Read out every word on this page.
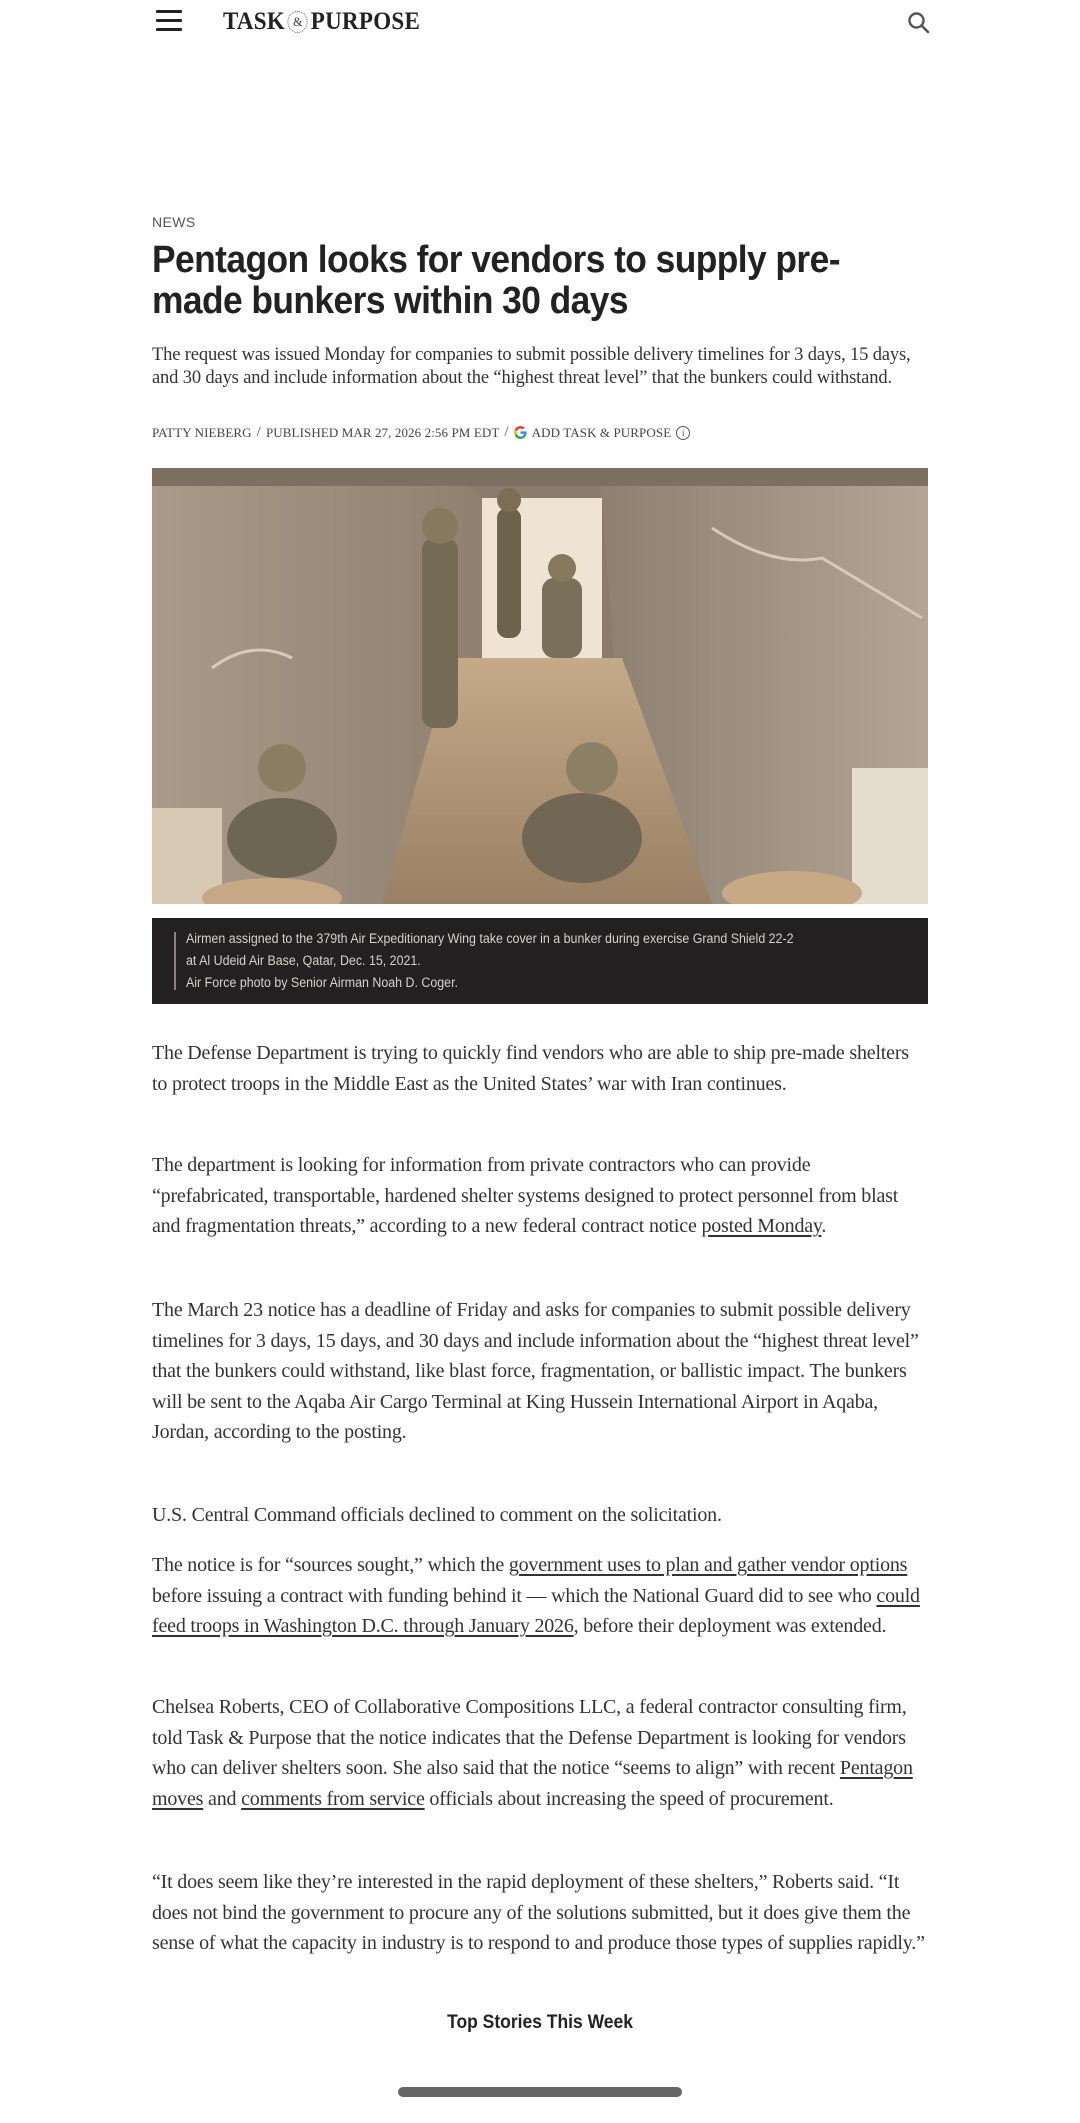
TASK & PURPOSE
NEWS
Pentagon looks for vendors to supply pre-made bunkers within 30 days

The request was issued Monday for companies to submit possible delivery timelines for 3 days, 15 days, and 30 days and include information about the “highest threat level” that the bunkers could withstand.

PATTY NIEBERG / PUBLISHED MAR 27, 2026 2:56 PM EDT / ADD TASK & PURPOSE	i
Airmen assigned to the 379th Air Expeditionary Wing take cover in a bunker during exercise Grand Shield 22-2
at Al Udeid Air Base, Qatar, Dec. 15, 2021.
Air Force photo by Senior Airman Noah D. Coger.

The Defense Department is trying to quickly find vendors who are able to ship pre-made shelters to protect troops in the Middle East as the United States’ war with Iran continues.

The department is looking for information from private contractors who can provide “prefabricated, transportable, hardened shelter systems designed to protect personnel from blast and fragmentation threats,” according to a new federal contract notice posted Monday.

The March 23 notice has a deadline of Friday and asks for companies to submit possible delivery timelines for 3 days, 15 days, and 30 days and include information about the “highest threat level” that the bunkers could withstand, like blast force, fragmentation, or ballistic impact. The bunkers will be sent to the Aqaba Air Cargo Terminal at King Hussein International Airport in Aqaba, Jordan, according to the posting.

U.S. Central Command officials declined to comment on the solicitation.

The notice is for “sources sought,” which the government uses to plan and gather vendor options before issuing a contract with funding behind it — which the National Guard did to see who could feed troops in Washington D.C. through January 2026, before their deployment was extended.

Chelsea Roberts, CEO of Collaborative Compositions LLC, a federal contractor consulting firm, told Task & Purpose that the notice indicates that the Defense Department is looking for vendors who can deliver shelters soon. She also said that the notice “seems to align” with recent Pentagon moves and comments from service officials about increasing the speed of procurement.

“It does seem like they’re interested in the rapid deployment of these shelters,” Roberts said. “It does not bind the government to procure any of the solutions submitted, but it does give them the sense of what the capacity in industry is to respond to and produce those types of supplies rapidly.”

Top Stories This Week
